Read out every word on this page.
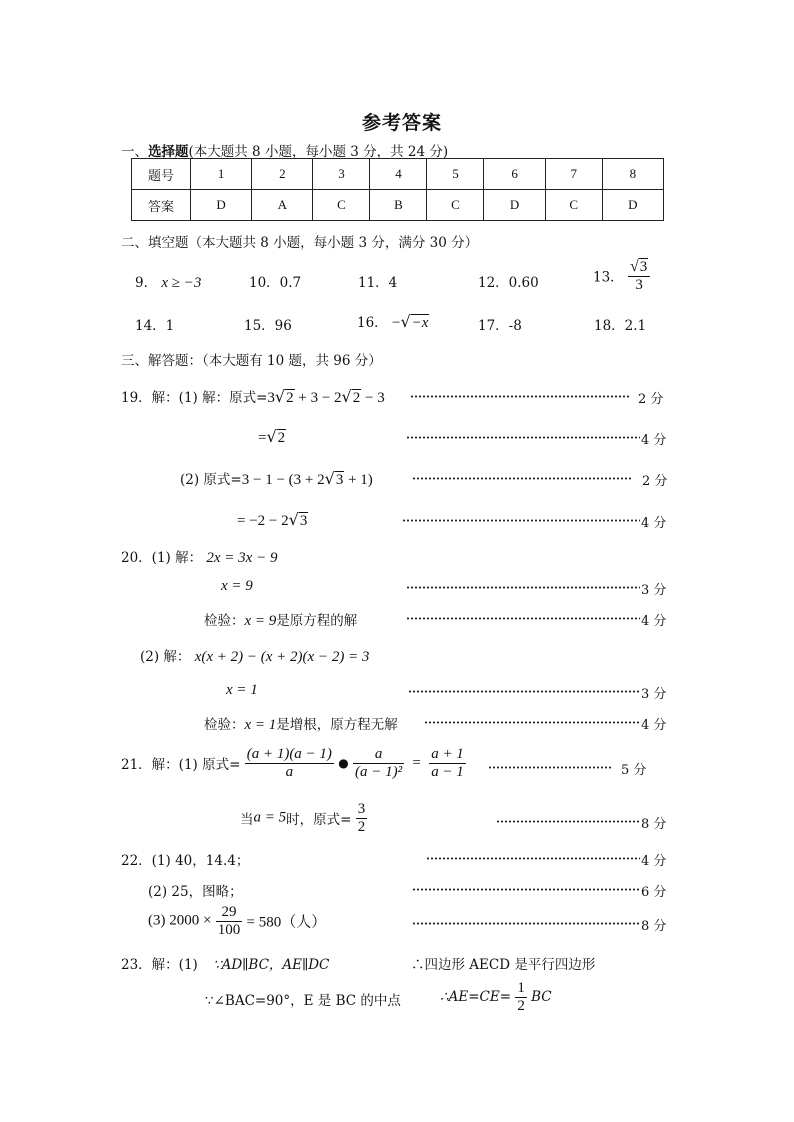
参考答案
一、选择题(本大题共 8 小题，每小题 3 分，共 24 分)
题号	1	2	3	4	5	6	7	8
答案	D	A	C	B	C	D	C	D
二、填空题（本大题共 8 小题，每小题 3 分，满分 30 分）
9． x ≥ −3	10．0.7	11．4	12．0.60	13． $\frac{√3}{3}$
14．1	15．96	16． −√−x	17．-8	18．2.1
三、解答题：（本大题有 10 题，共 96 分）
19．解：(1) 解：原式=3√2 + 3 − 2√2 − 3	2 分
=√2	4 分
(2) 原式=3 − 1 − (3 + 2√3 + 1)	2 分
= −2 − 2√3	4 分
20．(1) 解： 2x = 3x − 9
x = 9	3 分
检验：x = 9是原方程的解	4 分
(2) 解： x(x + 2) − (x + 2)(x − 2) = 3
x = 1	3 分
检验：x = 1是增根，原方程无解	4 分
21．解：(1) 原式= $\frac{(a + 1)(a - 1)}{a}$ ● $\frac{a}{\text{(a − 1)²}} = \frac{a + 1}{a - 1}$	5 分
当a = 5时，原式= $\frac{3}{2}$	8 分
22．(1) 40，14.4；	4 分
(2) 25，图略；	6 分
(3) $2000 \times \frac{29}{100} = 580$（人）	8 分
23．解：(1) ∵AD∥BC，AE∥DC	∴四边形 AECD 是平行四边形
∵∠BAC=90°，E 是 BC 的中点	∴AE=CE= $\frac{1}{2}$ BC
